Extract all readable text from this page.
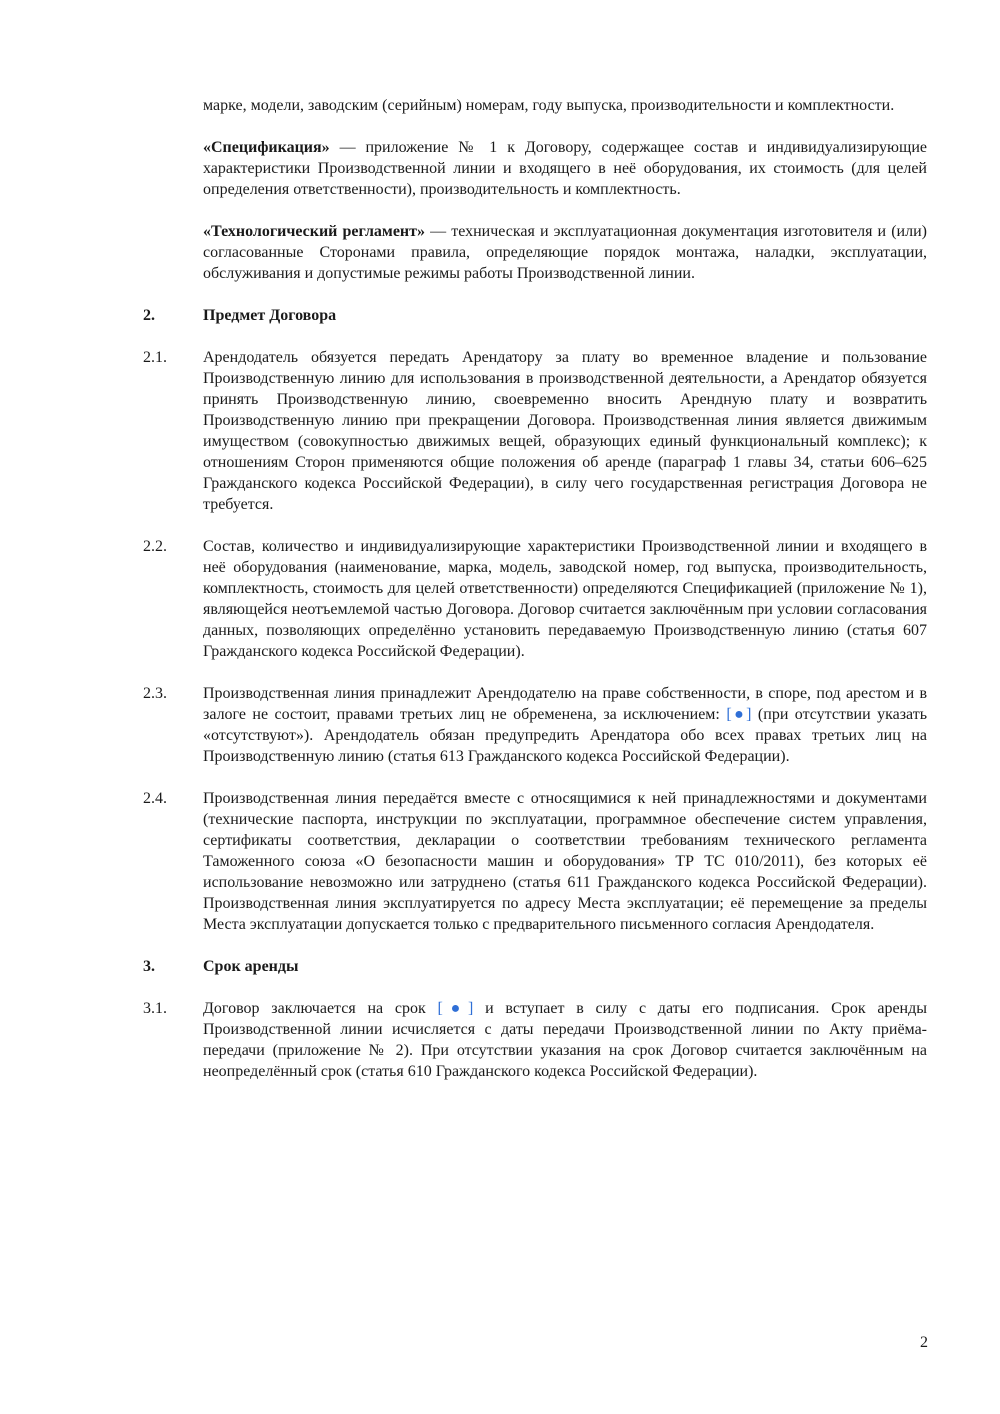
марке, модели, заводским (серийным) номерам, году выпуска, производительности и комплектности.

«Спецификация» — приложение № 1 к Договору, содержащее состав и индивидуализирующие характеристики Производственной линии и входящего в неё оборудования, их стоимость (для целей определения ответственности), производительность и комплектность.

«Технологический регламент» — техническая и эксплуатационная документация изготовителя и (или) согласованные Сторонами правила, определяющие порядок монтажа, наладки, эксплуатации, обслуживания и допустимые режимы работы Производственной линии.

2.	Предмет Договора
2.1.	Арендодатель обязуется передать Арендатору за плату во временное владение и пользование Производственную линию для использования в производственной деятельности, а Арендатор обязуется принять Производственную линию, своевременно вносить Арендную плату и возвратить Производственную линию при прекращении Договора. Производственная линия является движимым имуществом (совокупностью движимых вещей, образующих единый функциональный комплекс); к отношениям Сторон применяются общие положения об аренде (параграф 1 главы 34, статьи 606–625 Гражданского кодекса Российской Федерации), в силу чего государственная регистрация Договора не требуется.
2.2.	Состав, количество и индивидуализирующие характеристики Производственной линии и входящего в неё оборудования (наименование, марка, модель, заводской номер, год выпуска, производительность, комплектность, стоимость для целей ответственности) определяются Спецификацией (приложение № 1), являющейся неотъемлемой частью Договора. Договор считается заключённым при условии согласования данных, позволяющих определённо установить передаваемую Производственную линию (статья 607 Гражданского кодекса Российской Федерации).
2.3.	Производственная линия принадлежит Арендодателю на праве собственности, в споре, под арестом и в залоге не состоит, правами третьих лиц не обременена, за исключением: [●] (при отсутствии указать «отсутствуют»). Арендодатель обязан предупредить Арендатора обо всех правах третьих лиц на Производственную линию (статья 613 Гражданского кодекса Российской Федерации).
2.4.	Производственная линия передаётся вместе с относящимися к ней принадлежностями и документами (технические паспорта, инструкции по эксплуатации, программное обеспечение систем управления, сертификаты соответствия, декларации о соответствии требованиям технического регламента Таможенного союза «О безопасности машин и оборудования» ТР ТС 010/2011), без которых её использование невозможно или затруднено (статья 611 Гражданского кодекса Российской Федерации). Производственная линия эксплуатируется по адресу Места эксплуатации; её перемещение за пределы Места эксплуатации допускается только с предварительного письменного согласия Арендодателя.
3.	Срок аренды
3.1.	Договор заключается на срок [●] и вступает в силу с даты его подписания. Срок аренды Производственной линии исчисляется с даты передачи Производственной линии по Акту приёма-передачи (приложение № 2). При отсутствии указания на срок Договор считается заключённым на неопределённый срок (статья 610 Гражданского кодекса Российской Федерации).
2
